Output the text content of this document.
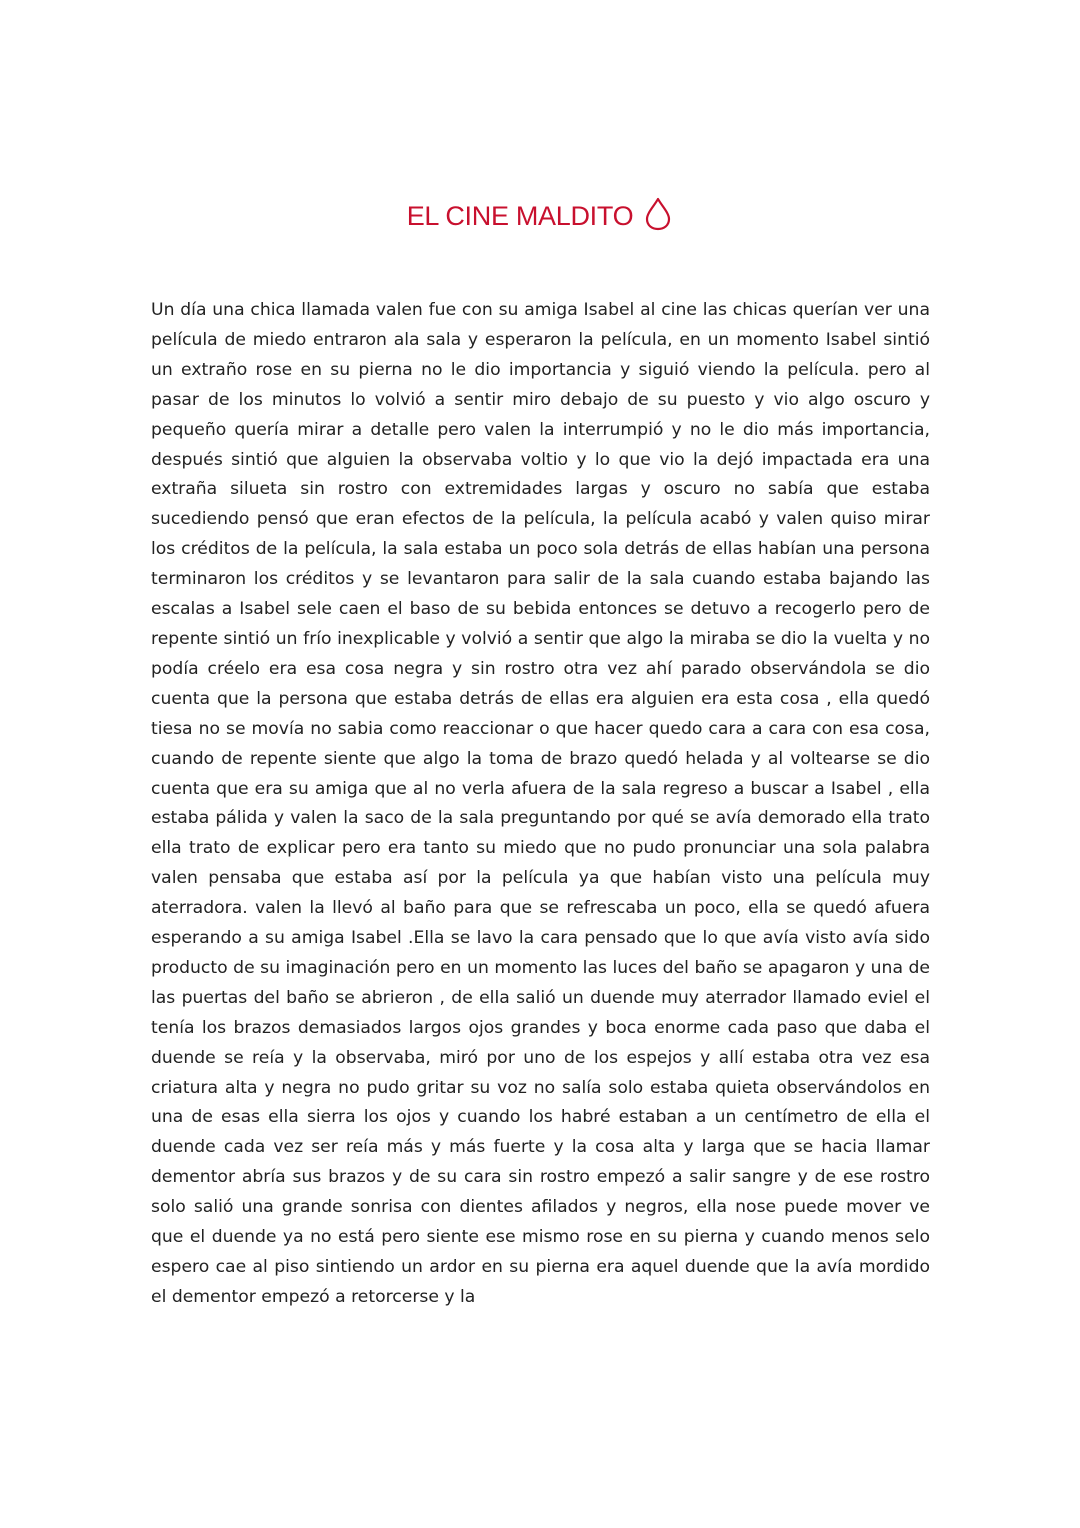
EL CINE MALDITO

Un día una chica llamada valen fue con su amiga Isabel al cine las chicas querían ver una película de miedo entraron ala sala y esperaron la película, en un momento Isabel sintió un extraño rose en su pierna no le dio importancia y siguió viendo la película. pero al pasar de los minutos lo volvió a sentir miro debajo de su puesto y vio algo oscuro y pequeño quería mirar a detalle pero valen la interrumpió y no le dio más importancia, después sintió que alguien la observaba voltio y lo que vio la dejó impactada era una extraña silueta sin rostro con extremidades largas y oscuro no sabía que estaba sucediendo pensó que eran efectos de la película, la película acabó y valen quiso mirar los créditos de la película, la sala estaba un poco sola detrás de ellas habían una persona terminaron los créditos y se levantaron para salir de la sala cuando estaba bajando las escalas a Isabel sele caen el baso de su bebida entonces se detuvo a recogerlo pero de repente sintió un frío inexplicable y volvió a sentir que algo la miraba se dio la vuelta y no podía créelo era esa cosa negra y sin rostro otra vez ahí parado observándola se dio cuenta que la persona que estaba detrás de ellas era alguien era esta cosa , ella quedó tiesa no se movía no sabia como reaccionar o que hacer quedo cara a cara con esa cosa, cuando de repente siente que algo la toma de brazo quedó helada y al voltearse se dio cuenta que era su amiga que al no verla afuera de la sala regreso a buscar a Isabel , ella estaba pálida y valen la saco de la sala preguntando por qué se avía demorado ella trato ella trato de explicar pero era tanto su miedo que no pudo pronunciar una sola palabra valen pensaba que estaba así por la película ya que habían visto una película muy aterradora. valen la llevó al baño para que se refrescaba un poco, ella se quedó afuera esperando a su amiga Isabel .Ella se lavo la cara pensado que lo que avía visto avía sido producto de su imaginación pero en un momento las luces del baño se apagaron y una de las puertas del baño se abrieron , de ella salió un duende muy aterrador llamado eviel el tenía los brazos demasiados largos ojos grandes y boca enorme cada paso que daba el duende se reía y la observaba, miró por uno de los espejos y allí estaba otra vez esa criatura alta y negra no pudo gritar su voz no salía solo estaba quieta observándolos en una de esas ella sierra los ojos y cuando los habré estaban a un centímetro de ella el duende cada vez ser reía más y más fuerte y la cosa alta y larga que se hacia llamar dementor abría sus brazos y de su cara sin rostro empezó a salir sangre y de ese rostro solo salió una grande sonrisa con dientes afilados y negros, ella nose puede mover ve que el duende ya no está pero siente ese mismo rose en su pierna y cuando menos selo espero cae al piso sintiendo un ardor en su pierna era aquel duende que la avía mordido el dementor empezó a retorcerse y la
